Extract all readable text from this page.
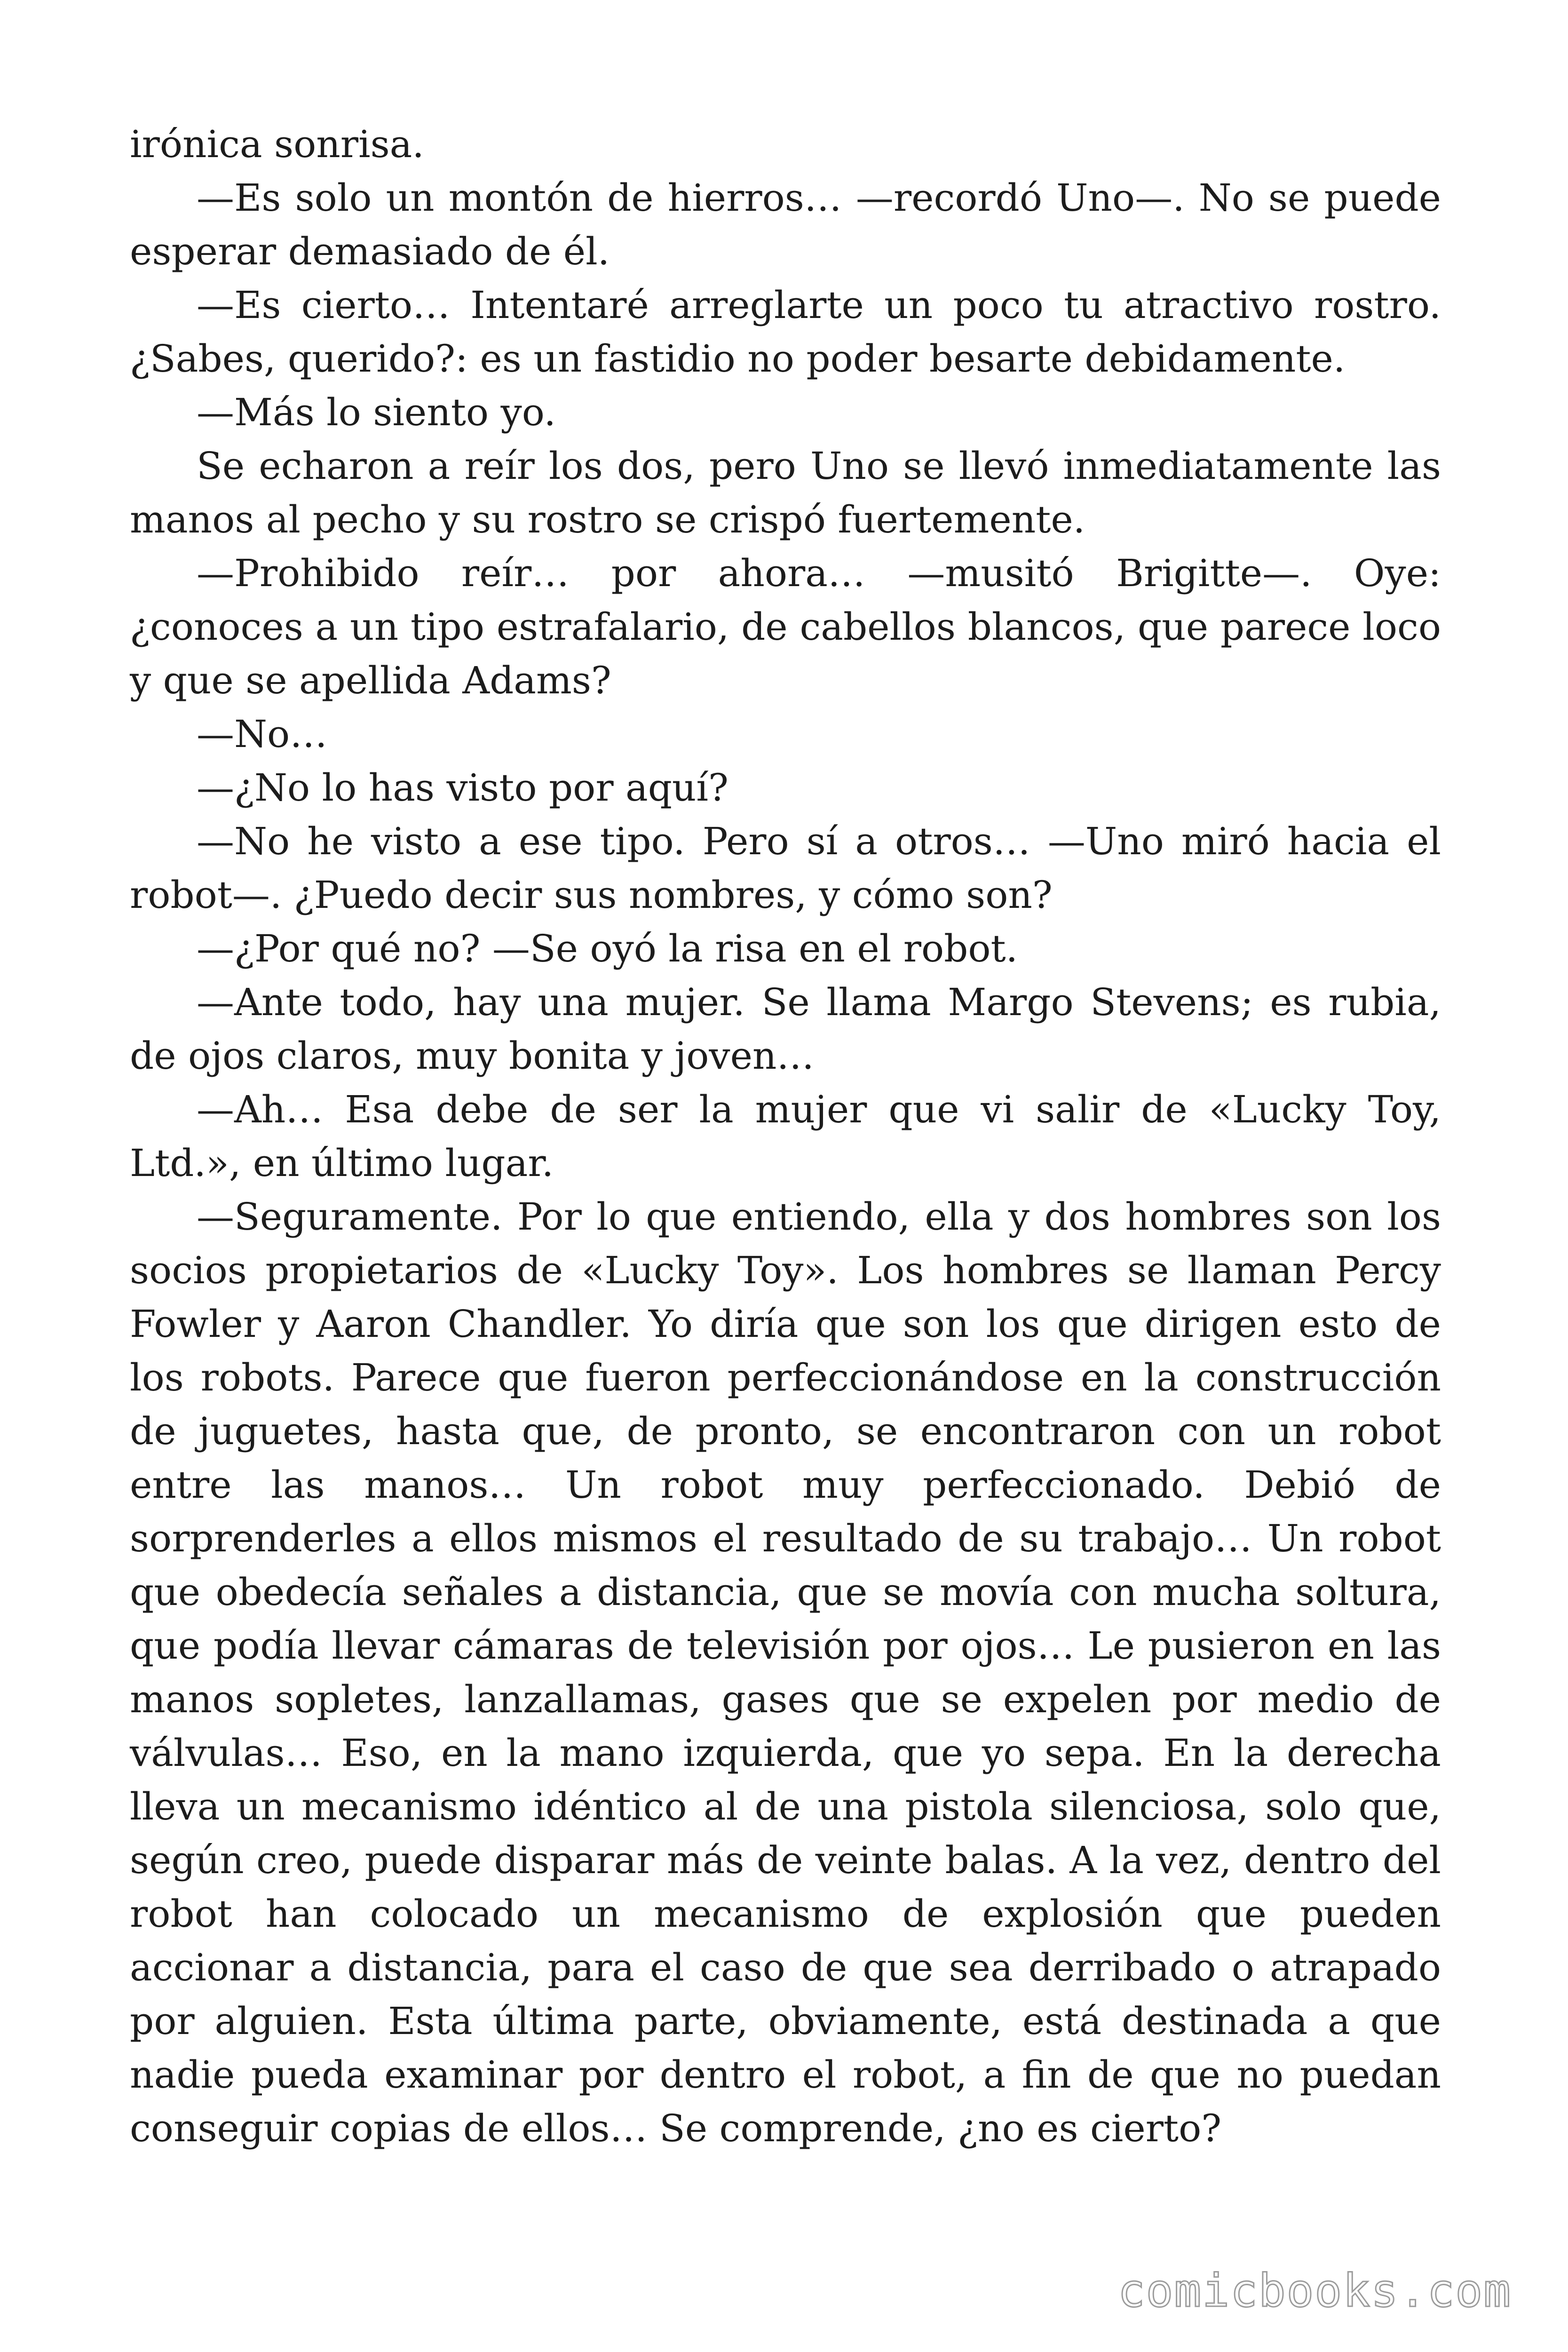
irónica sonrisa.

—Es solo un montón de hierros… —recordó Uno—. No se puede esperar demasiado de él.

—Es cierto… Intentaré arreglarte un poco tu atractivo rostro. ¿Sabes, querido?: es un fastidio no poder besarte debidamente.

—Más lo siento yo.

Se echaron a reír los dos, pero Uno se llevó inmediatamente las manos al pecho y su rostro se crispó fuertemente.

—Prohibido reír… por ahora… —musitó Brigitte—. Oye: ¿conoces a un tipo estrafalario, de cabellos blancos, que parece loco y que se apellida Adams?

—No…

—¿No lo has visto por aquí?

—No he visto a ese tipo. Pero sí a otros… —Uno miró hacia el robot—. ¿Puedo decir sus nombres, y cómo son?

—¿Por qué no? —Se oyó la risa en el robot.

—Ante todo, hay una mujer. Se llama Margo Stevens; es rubia, de ojos claros, muy bonita y joven…

—Ah… Esa debe de ser la mujer que vi salir de «Lucky Toy, Ltd.», en último lugar.

—Seguramente. Por lo que entiendo, ella y dos hombres son los socios propietarios de «Lucky Toy». Los hombres se llaman Percy Fowler y Aaron Chandler. Yo diría que son los que dirigen esto de los robots. Parece que fueron perfeccionándose en la construcción de juguetes, hasta que, de pronto, se encontraron con un robot entre las manos… Un robot muy perfeccionado. Debió de sorprenderles a ellos mismos el resultado de su trabajo… Un robot que obedecía señales a distancia, que se movía con mucha soltura, que podía llevar cámaras de televisión por ojos… Le pusieron en las manos sopletes, lanzallamas, gases que se expelen por medio de válvulas… Eso, en la mano izquierda, que yo sepa. En la derecha lleva un mecanismo idéntico al de una pistola silenciosa, solo que, según creo, puede disparar más de veinte balas. A la vez, dentro del robot han colocado un mecanismo de explosión que pueden accionar a distancia, para el caso de que sea derribado o atrapado por alguien. Esta última parte, obviamente, está destinada a que nadie pueda examinar por dentro el robot, a fin de que no puedan conseguir copias de ellos… Se comprende, ¿no es cierto?

comicbooks.com
